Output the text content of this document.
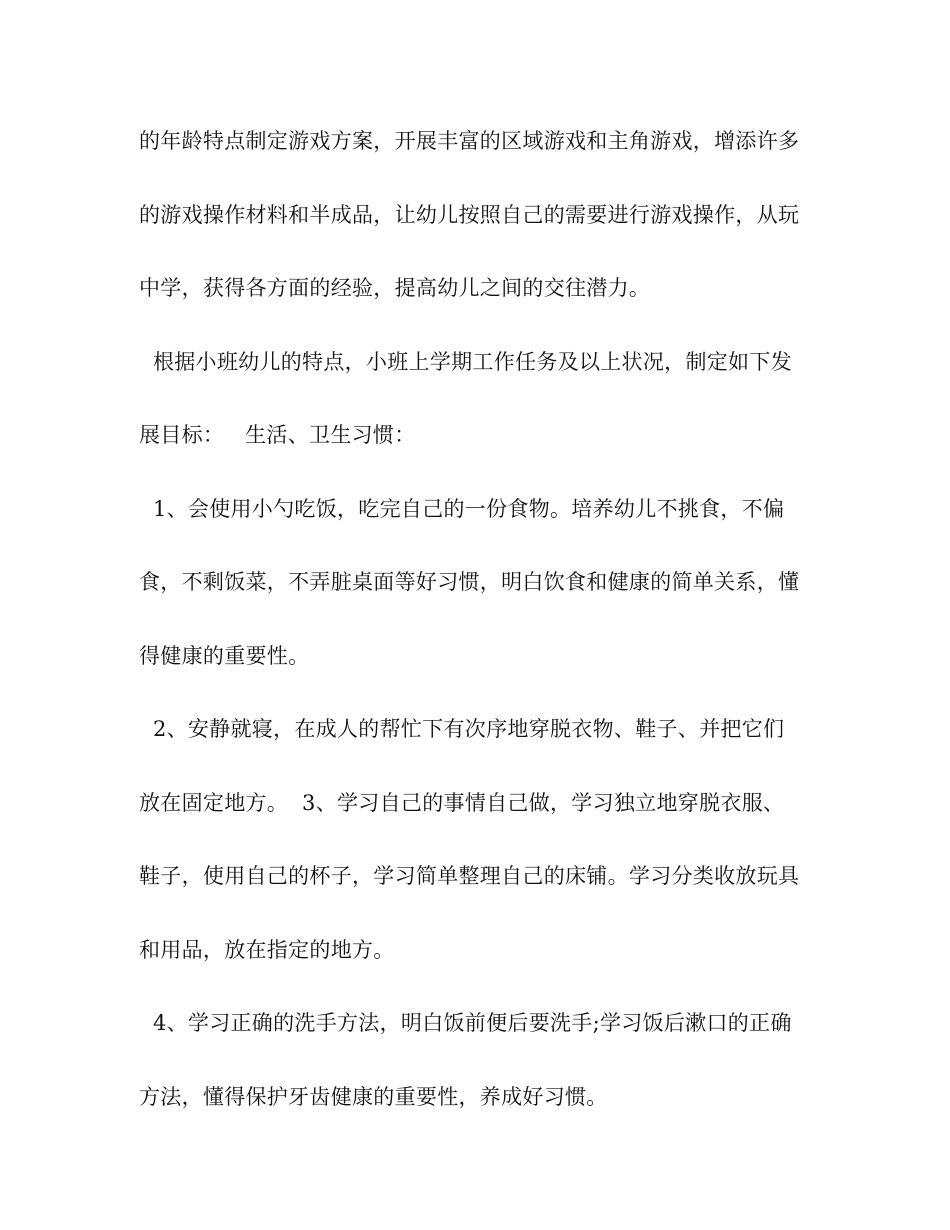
的年龄特点制定游戏方案，开展丰富的区域游戏和主角游戏，增添许多
的游戏操作材料和半成品，让幼儿按照自己的需要进行游戏操作，从玩
中学，获得各方面的经验，提高幼儿之间的交往潜力。
根据小班幼儿的特点，小班上学期工作任务及以上状况，制定如下发
展目标：   生活、卫生习惯：
1、会使用小勺吃饭，吃完自己的一份食物。培养幼儿不挑食，不偏
食，不剩饭菜，不弄脏桌面等好习惯，明白饮食和健康的简单关系，懂
得健康的重要性。
2、安静就寝，在成人的帮忙下有次序地穿脱衣物、鞋子、并把它们
放在固定地方。  3、学习自己的事情自己做，学习独立地穿脱衣服、
鞋子，使用自己的杯子，学习简单整理自己的床铺。学习分类收放玩具
和用品，放在指定的地方。
4、学习正确的洗手方法，明白饭前便后要洗手;学习饭后漱口的正确
方法，懂得保护牙齿健康的重要性，养成好习惯。
